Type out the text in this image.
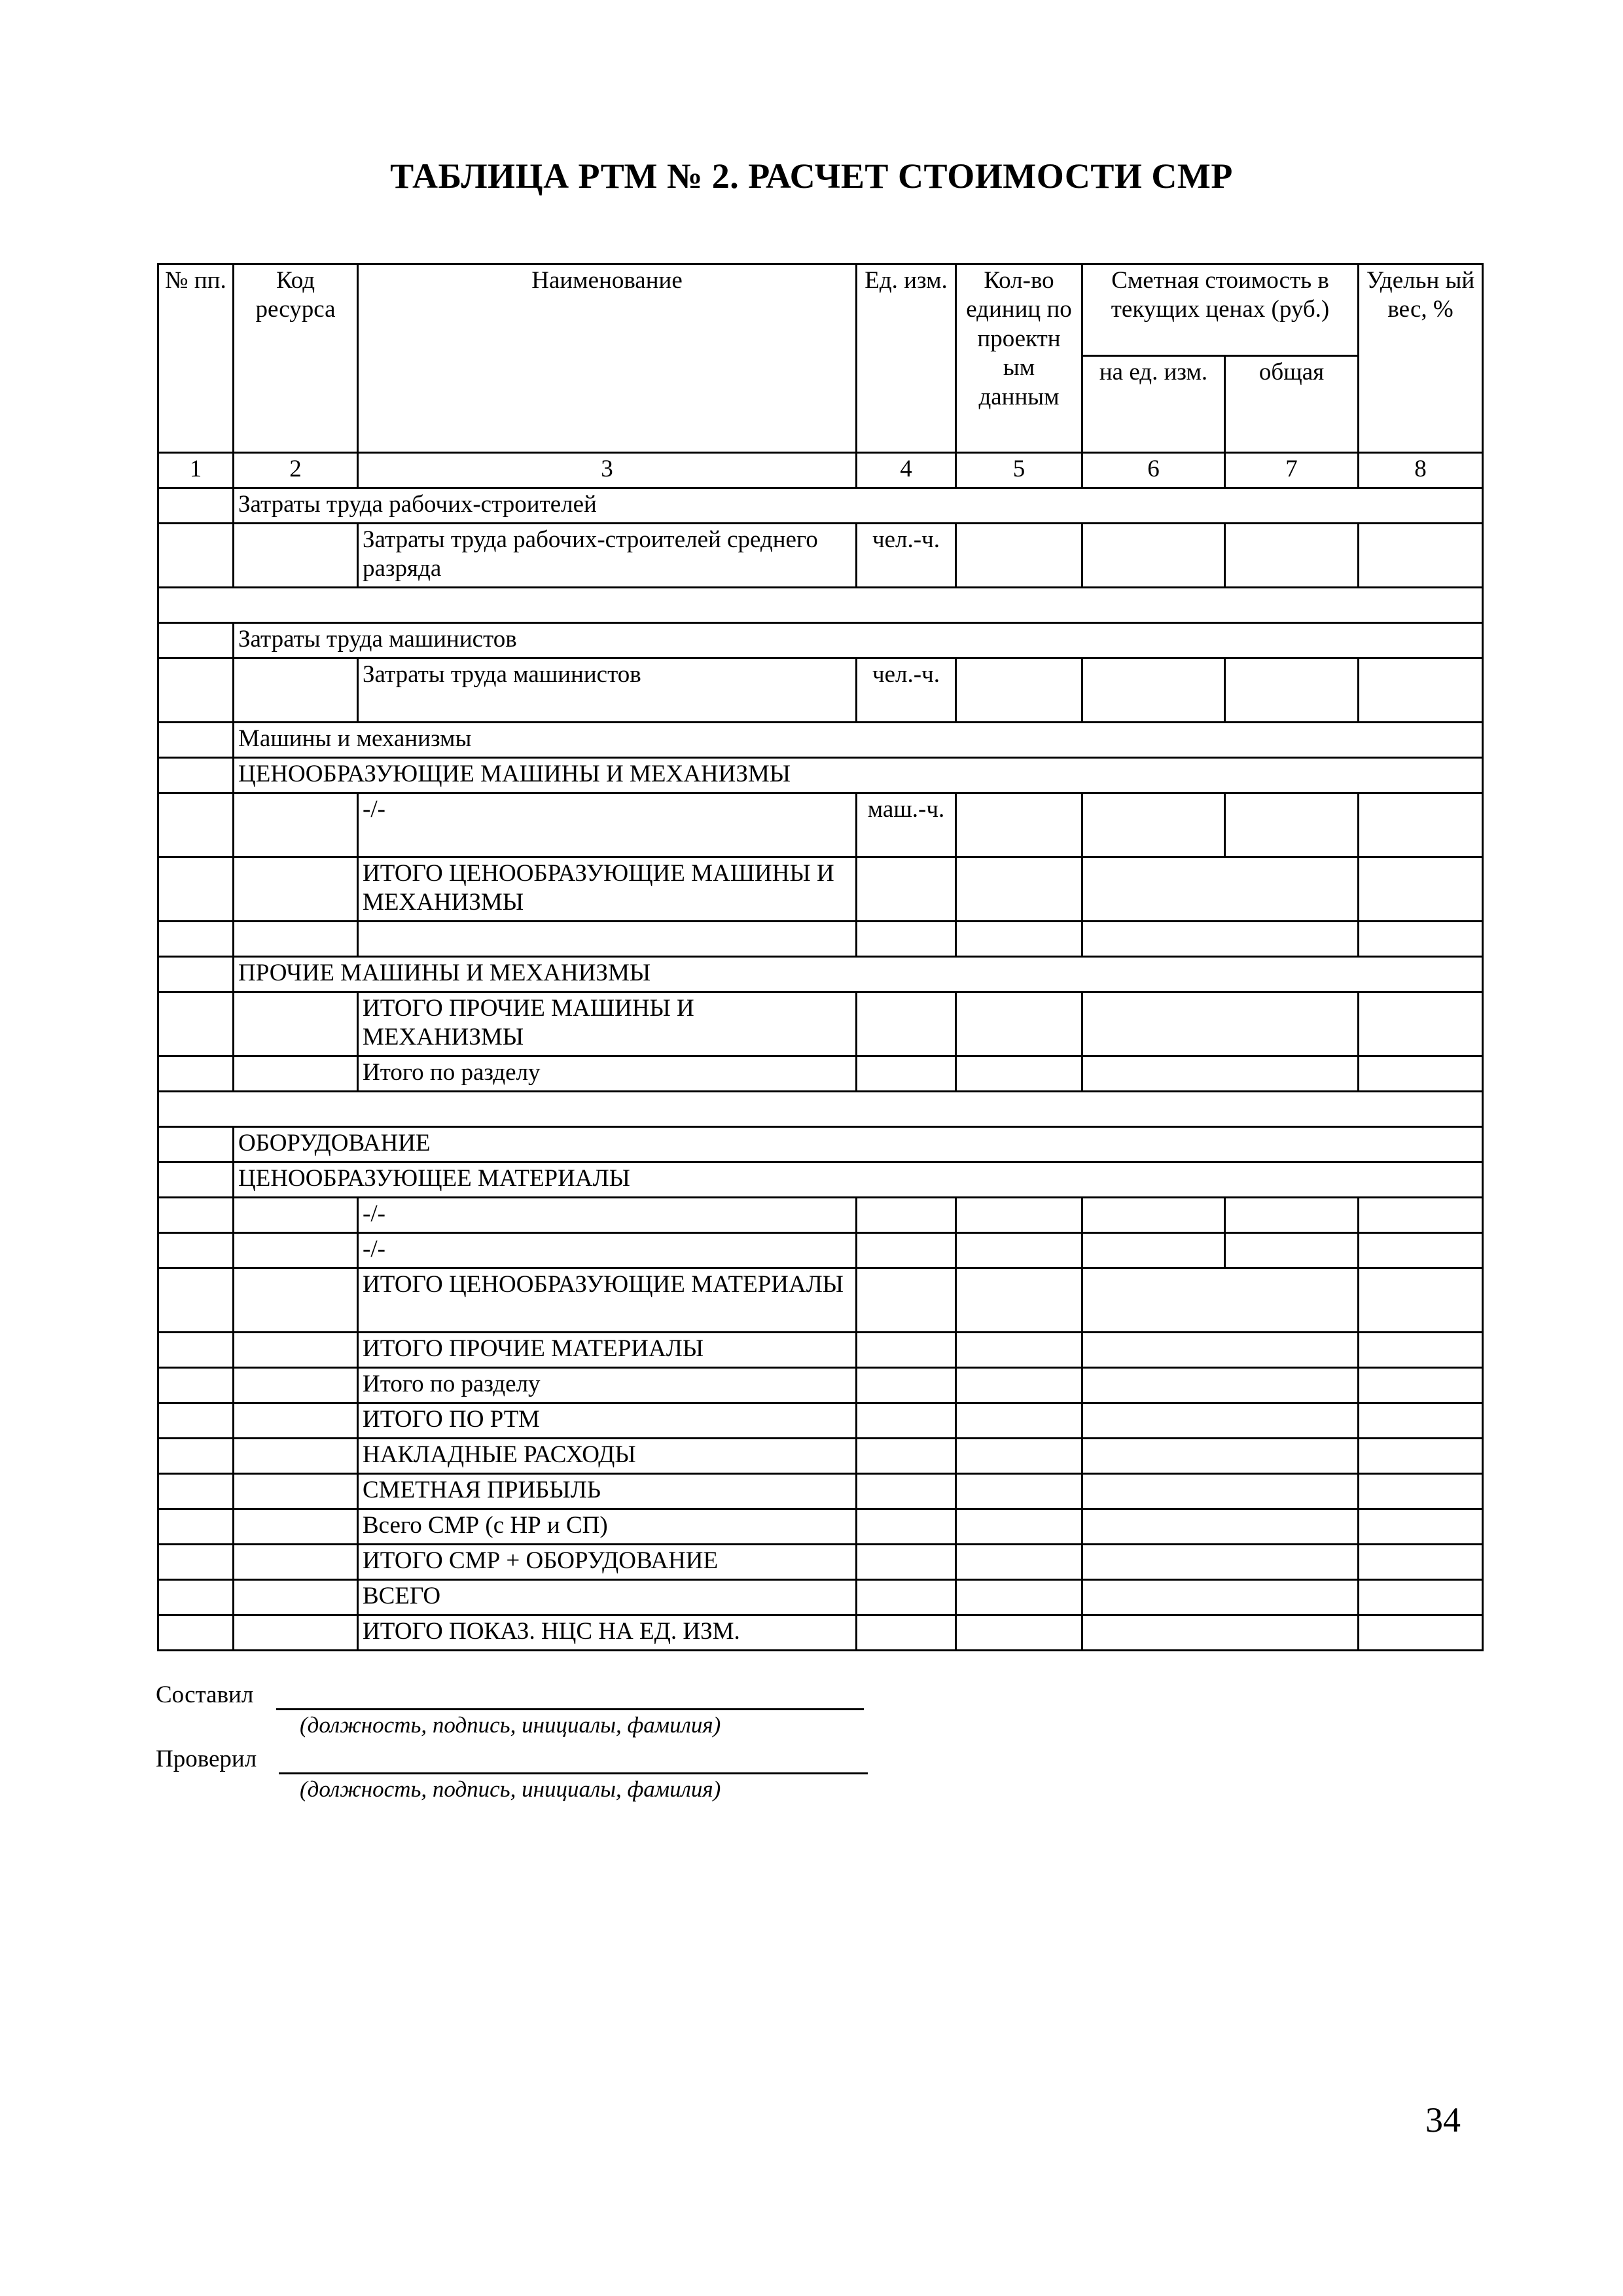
ТАБЛИЦА РТМ № 2. РАСЧЕТ СТОИМОСТИ СМР
№ пп.	Код ресурса	Наименование	Ед. изм.	Кол-во единиц по проектн ым данным	Сметная стоимость в текущих ценах (руб.)		Удельн ый вес, %
					на ед. изм.	общая	
1	2	3	4	5	6	7	8
	Затраты труда рабочих-строителей						
		Затраты труда рабочих-строителей среднего разряда	чел.-ч.				

	Затраты труда машинистов						
		Затраты труда машинистов	чел.-ч.				
	Машины и механизмы						
	ЦЕНООБРАЗУЮЩИЕ МАШИНЫ И МЕХАНИЗМЫ						
		-/-	маш.-ч.				
		ИТОГО ЦЕНООБРАЗУЮЩИЕ МАШИНЫ И МЕХАНИЗМЫ					

	ПРОЧИЕ МАШИНЫ И МЕХАНИЗМЫ						
		ИТОГО ПРОЧИЕ МАШИНЫ И МЕХАНИЗМЫ					
		Итого по разделу					

	ОБОРУДОВАНИЕ						
	ЦЕНООБРАЗУЮЩЕЕ МАТЕРИАЛЫ						
		-/-					
		-/-					
		ИТОГО ЦЕНООБРАЗУЮЩИЕ МАТЕРИАЛЫ					
		ИТОГО ПРОЧИЕ МАТЕРИАЛЫ					
		Итого по разделу					
		ИТОГО ПО РТМ					
		НАКЛАДНЫЕ РАСХОДЫ					
		СМЕТНАЯ ПРИБЫЛЬ					
		Всего СМР (с НР и СП)					
		ИТОГО СМР + ОБОРУДОВАНИЕ					
		ВСЕГО					
		ИТОГО ПОКАЗ. НЦС НА ЕД. ИЗМ.					
Составил
(должность, подпись, инициалы, фамилия)
Проверил
(должность, подпись, инициалы, фамилия)
34
